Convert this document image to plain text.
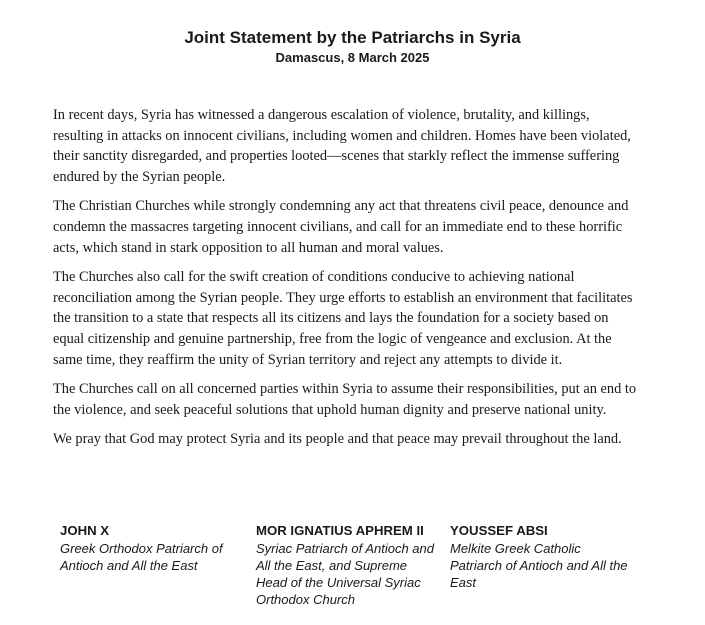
Joint Statement by the Patriarchs in Syria
Damascus, 8 March 2025

In recent days, Syria has witnessed a dangerous escalation of violence, brutality, and killings, resulting in attacks on innocent civilians, including women and children. Homes have been violated, their sanctity disregarded, and properties looted—scenes that starkly reflect the immense suffering endured by the Syrian people.

The Christian Churches while strongly condemning any act that threatens civil peace, denounce and condemn the massacres targeting innocent civilians, and call for an immediate end to these horrific acts, which stand in stark opposition to all human and moral values.

The Churches also call for the swift creation of conditions conducive to achieving national reconciliation among the Syrian people. They urge efforts to establish an environment that facilitates the transition to a state that respects all its citizens and lays the foundation for a society based on equal citizenship and genuine partnership, free from the logic of vengeance and exclusion. At the same time, they reaffirm the unity of Syrian territory and reject any attempts to divide it.

The Churches call on all concerned parties within Syria to assume their responsibilities, put an end to the violence, and seek peaceful solutions that uphold human dignity and preserve national unity.

We pray that God may protect Syria and its people and that peace may prevail throughout the land.

JOHN X
Greek Orthodox Patriarch of Antioch and All the East
MOR IGNATIUS APHREM II
Syriac Patriarch of Antioch and All the East, and Supreme Head of the Universal Syriac Orthodox Church
YOUSSEF ABSI
Melkite Greek Catholic Patriarch of Antioch and All the East
